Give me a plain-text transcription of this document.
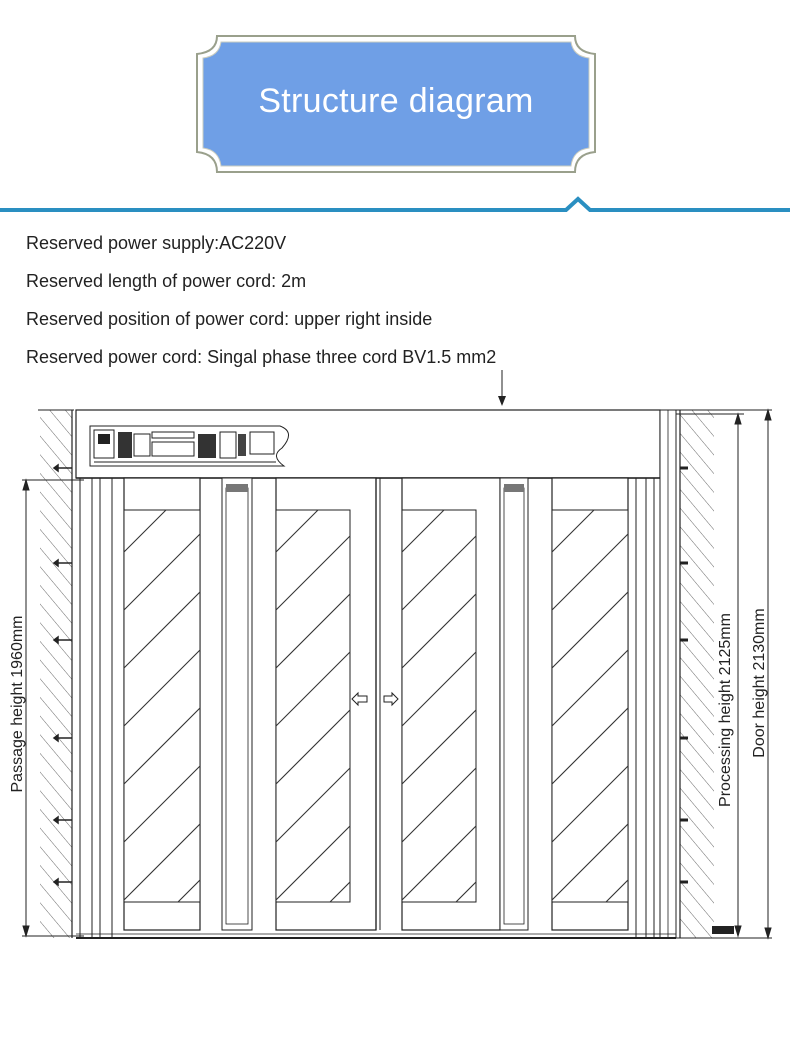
Structure diagram
Reserved power supply:AC220V
Reserved length of power cord: 2m
Reserved position of power cord: upper right inside
Reserved power cord: Singal phase three cord BV1.5 mm2
Passage height 1960mm	Processing height 2125mm Door height 2130mm
